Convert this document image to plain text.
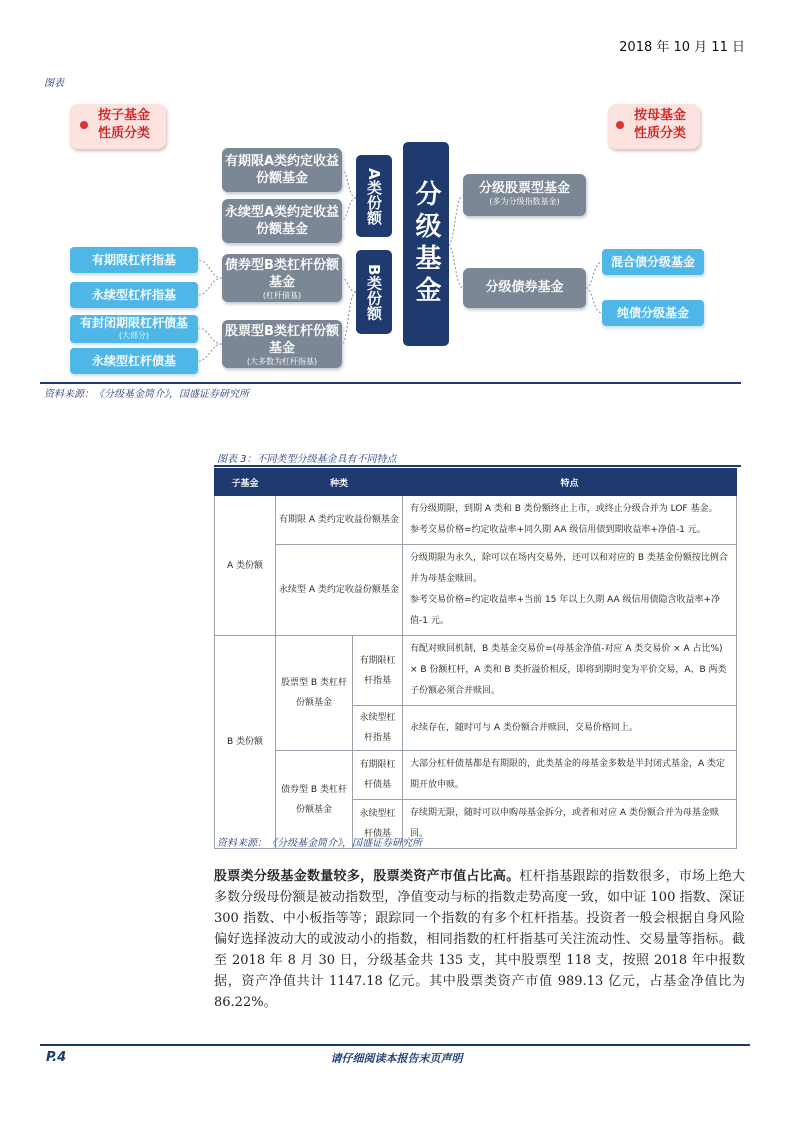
2018 年 10 月 11 日
图表
按子基金性质分类
按母基金性质分类
有期限A类约定收益份额基金
永续型A类约定收益份额基金
债券型B类杠杆份额基金
(杠杆债基)
股票型B类杠杆份额基金
(大多数为杠杆指基)
A类份额
B类份额	分级基金
有期限杠杆指基
永续型杠杆指基
有封闭期限杠杆债基
(大部分)
永续型杠杆债基
分级股票型基金
(多为分级指数基金)
分级债券基金
混合债分级基金
纯债分级基金
资料来源：《分级基金简介》，国盛证券研究所
图表 3：不同类型分级基金具有不同特点
子基金	种类		特点
A 类份额	有期限 A 类约定收益份额基金		有分级期限，到期 A 类和 B 类份额终止上市，或终止分级合并为 LOF 基金。
参考交易价格=约定收益率+同久期 AA 级信用债到期收益率+净值-1 元。

	永续型 A 类约定收益份额基金		分级期限为永久，除可以在场内交易外，还可以和对应的 B 类基金份额按比例合并为母基金赎回。
参考交易价格=约定收益率+当前 15 年以上久期 AA 级信用债隐含收益率+净值-1 元。

B 类份额	股票型 B 类杠杆份额基金	有期限杠杆指基	有配对赎回机制，B 类基金交易价=(母基金净值-对应 A 类交易价 × A 占比%) × B 份额杠杆，A 类和 B 类折溢价相反，即将到期时变为平价交易，A、B 两类子份额必须合并赎回。
		永续型杠杆指基	永续存在，随时可与 A 类份额合并赎回，交易价格同上。
	债券型 B 类杠杆份额基金	有期限杠杆债基	大部分杠杆债基都是有期限的，此类基金的母基金多数是半封闭式基金，A 类定期开放申赎。
		永续型杠杆债基	存续期无限，随时可以申购母基金拆分，或者和对应 A 类份额合并为母基金赎回。
资料来源：《分级基金简介》，国盛证券研究所
股票类分级基金数量较多，股票类资产市值占比高。杠杆指基跟踪的指数很多，市场上绝大多数分级母份额是被动指数型，净值变动与标的指数走势高度一致，如中证 100 指数、深证 300 指数、中小板指等等；跟踪同一个指数的有多个杠杆指基。投资者一般会根据自身风险偏好选择波动大的或波动小的指数，相同指数的杠杆指基可关注流动性、交易量等指标。截至 2018 年 8 月 30 日，分级基金共 135 支，其中股票型 118 支，按照 2018 年中报数据，资产净值共计 1147.18 亿元。其中股票类资产市值 989.13 亿元，占基金净值比为 86.22%。
P.4	请仔细阅读本报告末页声明
